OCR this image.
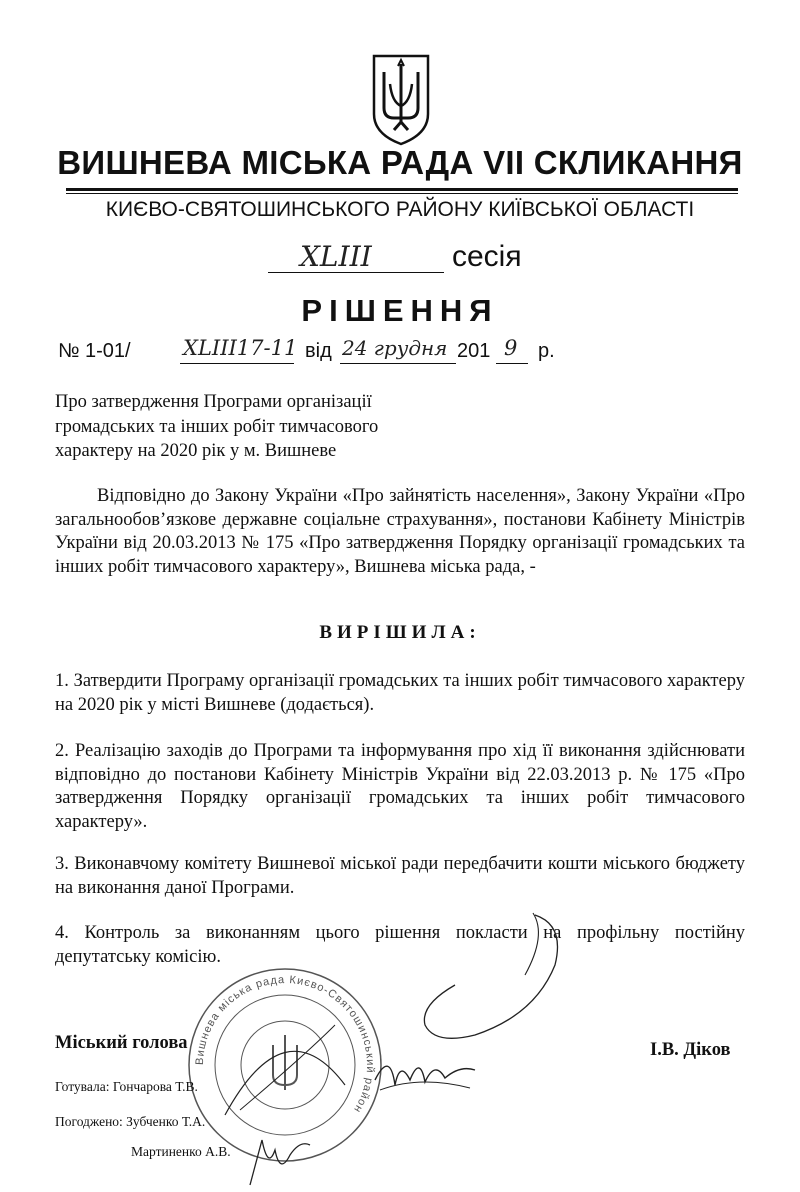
ВИШНЕВА МІСЬКА РАДА VII СКЛИКАННЯ
КИЄВО-СВЯТОШИНСЬКОГО РАЙОНУ КИЇВСЬКОЇ ОБЛАСТІ
XLIII	сесія
РІШЕННЯ
№ 1-01/ XLIII17-11 від 24 грудня 201 9 р.
Про затвердження Програми організації громадських та інших робіт тимчасового характеру на 2020 рік у м. Вишневе
Відповідно до Закону України «Про зайнятість населення», Закону України «Про загальнообов’язкове державне соціальне страхування», постанови Кабінету Міністрів України від 20.03.2013 № 175 «Про затвердження Порядку організації громадських та інших робіт тимчасового характеру», Вишнева міська рада, -
ВИРІШИЛА:
1. Затвердити Програму організації громадських та інших робіт тимчасового характеру на 2020 рік у місті Вишневе (додається).
2. Реалізацію заходів до Програми та інформування про хід її виконання здійснювати відповідно до постанови Кабінету Міністрів України від 22.03.2013 р. № 175 «Про затвердження Порядку організації громадських та інших робіт тимчасового характеру».
3. Виконавчому комітету Вишневої міської ради передбачити кошти міського бюджету на виконання даної Програми.
4. Контроль за виконанням цього рішення покласти на профільну постійну депутатську комісію.
Вишнева міська рада Києво-Святошинський район
Міський голова	І.В. Діков
Готувала: Гончарова Т.В.
Погоджено: Зубченко Т.А.
Мартиненко А.В.
